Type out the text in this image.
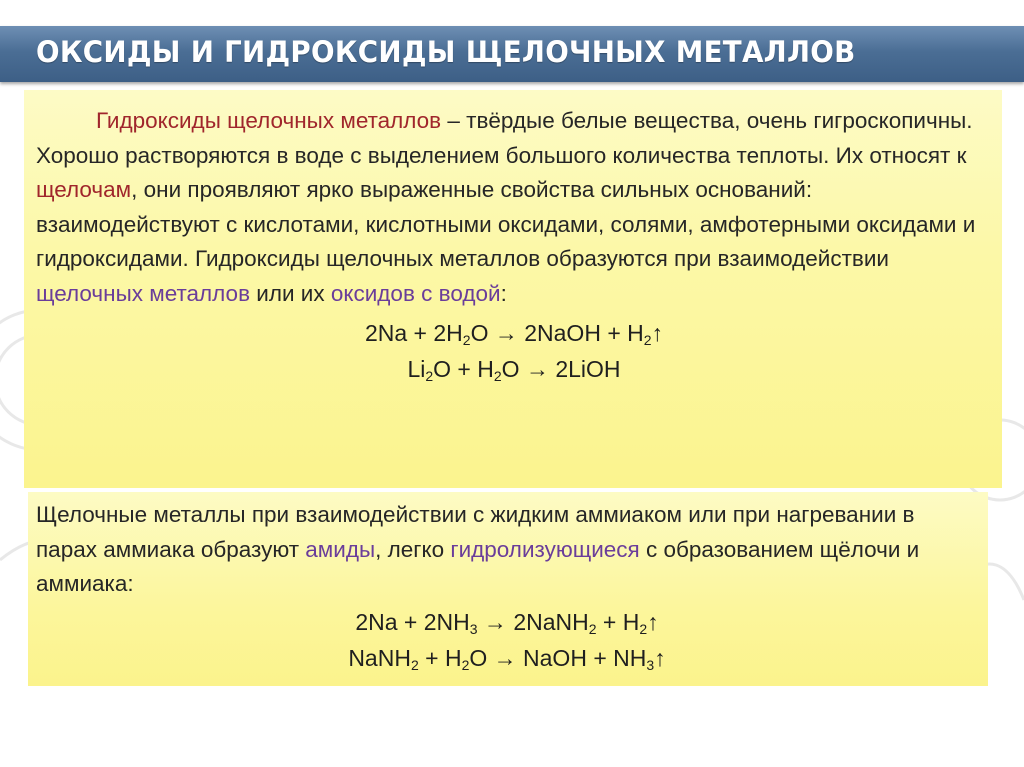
ОКСИДЫ И ГИДРОКСИДЫ ЩЕЛОЧНЫХ МЕТАЛЛОВ

Гидроксиды щелочных металлов – твёрдые белые вещества, очень гигроскопичны. Хорошо растворяются в воде с выделением большого количества теплоты. Их относят к щелочам, они проявляют ярко выраженные свойства сильных оснований: взаимодействуют с кислотами, кислотными оксидами, солями, амфотерными оксидами и гидроксидами. Гидроксиды щелочных металлов образуются при взаимодействии щелочных металлов или их оксидов с водой:

$2Na + 2H_2O$ → 2NaOH + $H_2↑$

$Li_2O + H_2O$ → 2LiOH

Щелочные металлы при взаимодействии с жидким аммиаком или при нагревании в парах аммиака образуют амиды, легко гидролизующиеся с образованием щёлочи и аммиака:

$2Na + 2NH_3$ → 2NaNH$_2$ + $H_2↑$

NaNH$_2$ + $H_2O$ → NaOH + $NH_3↑$
